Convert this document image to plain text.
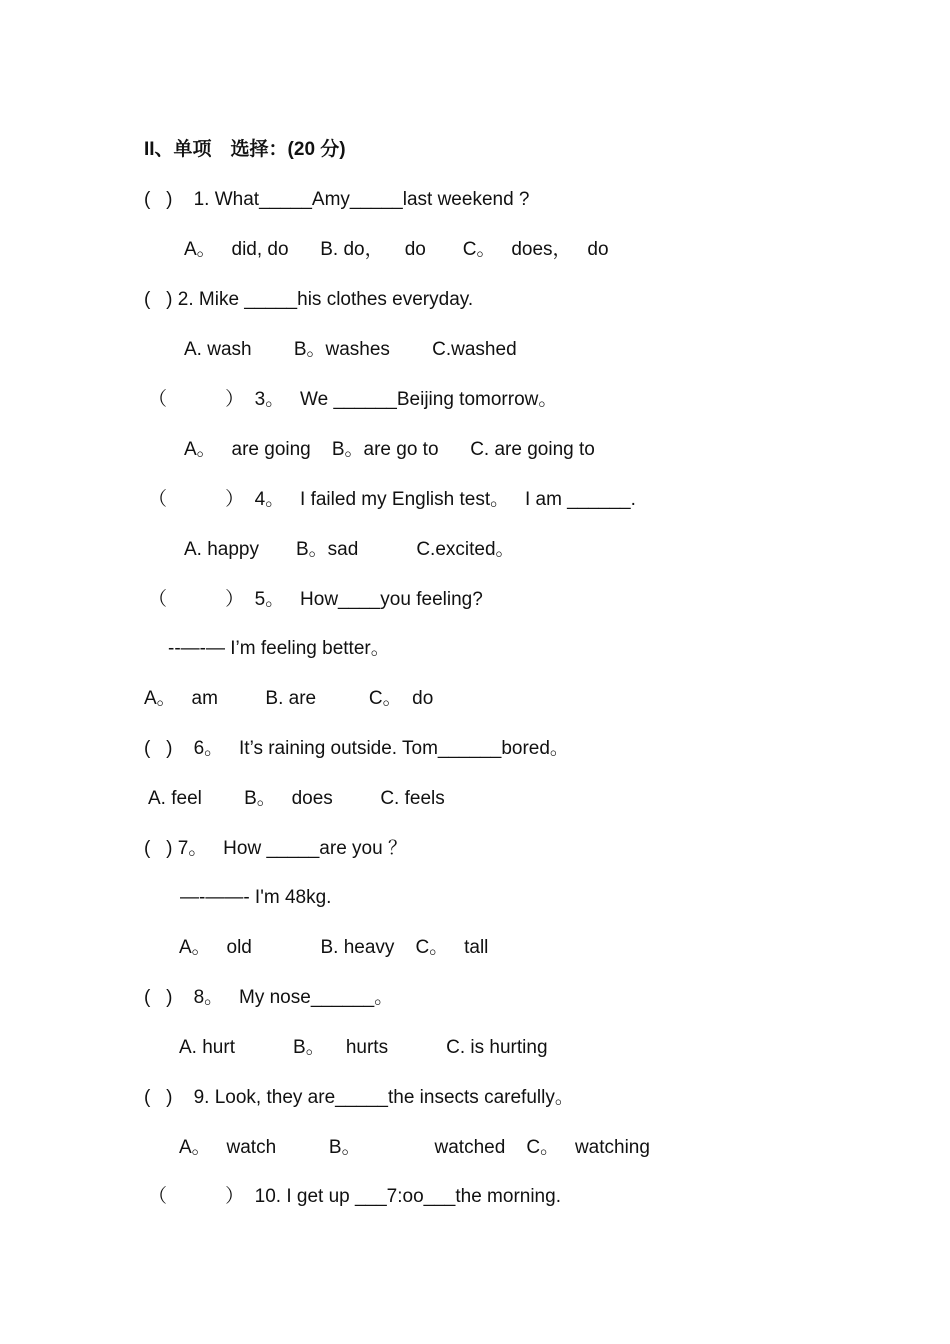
II、单项　选择：(20 分)
(   )    1. What_____Amy_____last weekend ?
A。   did, do      B. do，    do       C。   does，   do
(   ) 2. Mike _____his clothes everyday.
A. wash        B。washes        C.washed
（           ）  3。   We ______Beijing tomorrow。
A。   are going    B。are go to      C. are going to
（           ）  4。   I failed my English test。   I am ______.
A. happy       B。sad           C.excited。
（           ）  5。   How____you feeling?
--—-— I’m feeling better。
A。   am         B. are          C。  do
(   )    6。   It’s raining outside. Tom______bored。
A. feel        B。   does         C. feels
(   ) 7。   How _____are you ？
—-——- I'm 48kg.
A。   old             B. heavy    C。   tall
(   )    8。   My nose______。
A. hurt           B。    hurts           C. is hurting
(   )    9. Look, they are_____the insects carefully。
A。   watch          B。              watched    C。   watching
（           ）  10. I get up ___7:oo___the morning.
